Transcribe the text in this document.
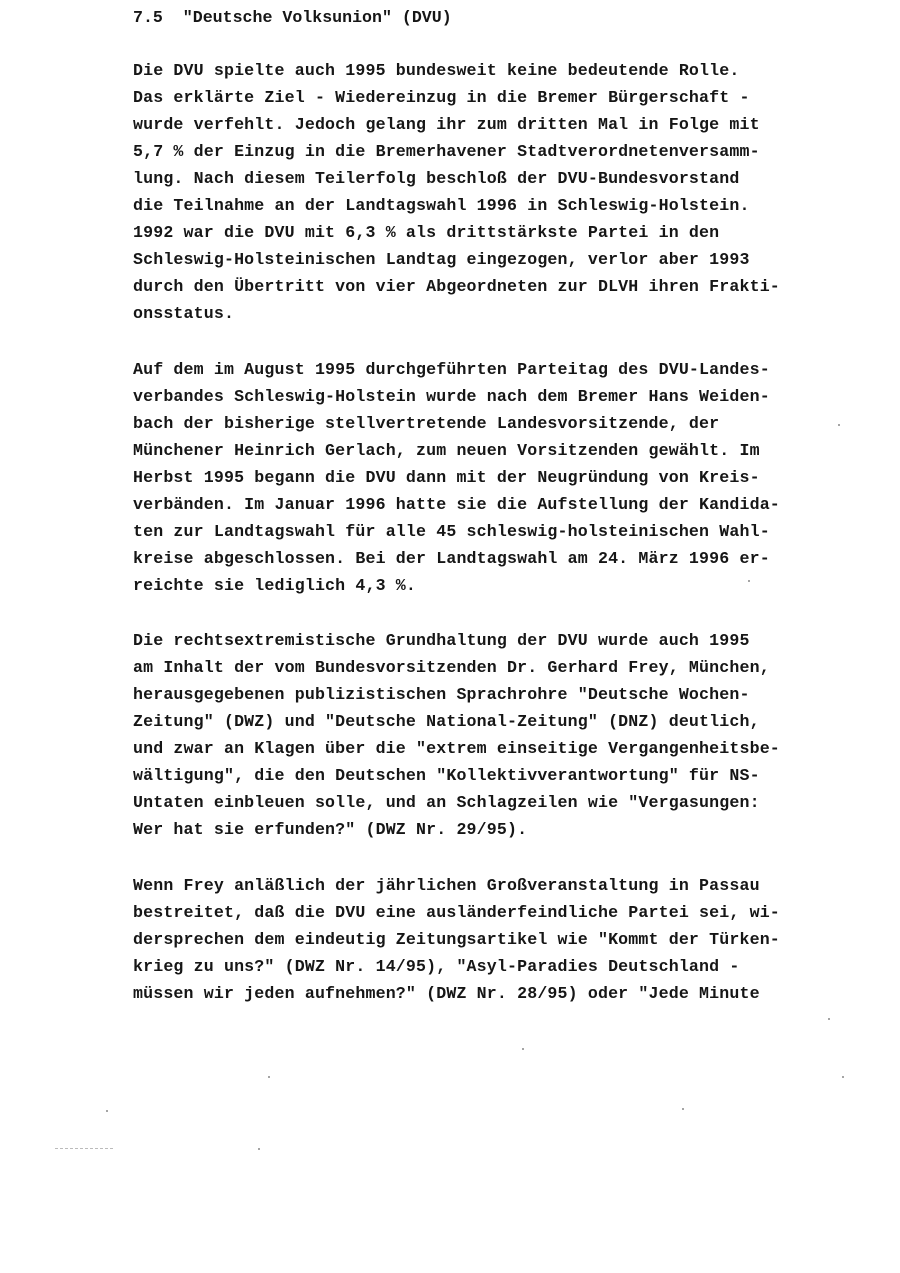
7.5  "Deutsche Volksunion" (DVU)
Die DVU spielte auch 1995 bundesweit keine bedeutende Rolle.
Das erklärte Ziel - Wiedereinzug in die Bremer Bürgerschaft -
wurde verfehlt. Jedoch gelang ihr zum dritten Mal in Folge mit
5,7 % der Einzug in die Bremerhavener Stadtverordnetenversamm-
lung. Nach diesem Teilerfolg beschloß der DVU-Bundesvorstand
die Teilnahme an der Landtagswahl 1996 in Schleswig-Holstein.
1992 war die DVU mit 6,3 % als drittstärkste Partei in den
Schleswig-Holsteinischen Landtag eingezogen, verlor aber 1993
durch den Übertritt von vier Abgeordneten zur DLVH ihren Frakti-
onsstatus.
Auf dem im August 1995 durchgeführten Parteitag des DVU-Landes-
verbandes Schleswig-Holstein wurde nach dem Bremer Hans Weiden-
bach der bisherige stellvertretende Landesvorsitzende, der
Münchener Heinrich Gerlach, zum neuen Vorsitzenden gewählt. Im
Herbst 1995 begann die DVU dann mit der Neugründung von Kreis-
verbänden. Im Januar 1996 hatte sie die Aufstellung der Kandida-
ten zur Landtagswahl für alle 45 schleswig-holsteinischen Wahl-
kreise abgeschlossen. Bei der Landtagswahl am 24. März 1996 er-
reichte sie lediglich 4,3 %.
Die rechtsextremistische Grundhaltung der DVU wurde auch 1995
am Inhalt der vom Bundesvorsitzenden Dr. Gerhard Frey, München,
herausgegebenen publizistischen Sprachrohre "Deutsche Wochen-
Zeitung" (DWZ) und "Deutsche National-Zeitung" (DNZ) deutlich,
und zwar an Klagen über die "extrem einseitige Vergangenheitsbe-
wältigung", die den Deutschen "Kollektivverantwortung" für NS-
Untaten einbleuen solle, und an Schlagzeilen wie "Vergasungen:
Wer hat sie erfunden?" (DWZ Nr. 29/95).
Wenn Frey anläßlich der jährlichen Großveranstaltung in Passau
bestreitet, daß die DVU eine ausländerfeindliche Partei sei, wi-
dersprechen dem eindeutig Zeitungsartikel wie "Kommt der Türken-
krieg zu uns?" (DWZ Nr. 14/95), "Asyl-Paradies Deutschland -
müssen wir jeden aufnehmen?" (DWZ Nr. 28/95) oder "Jede Minute
